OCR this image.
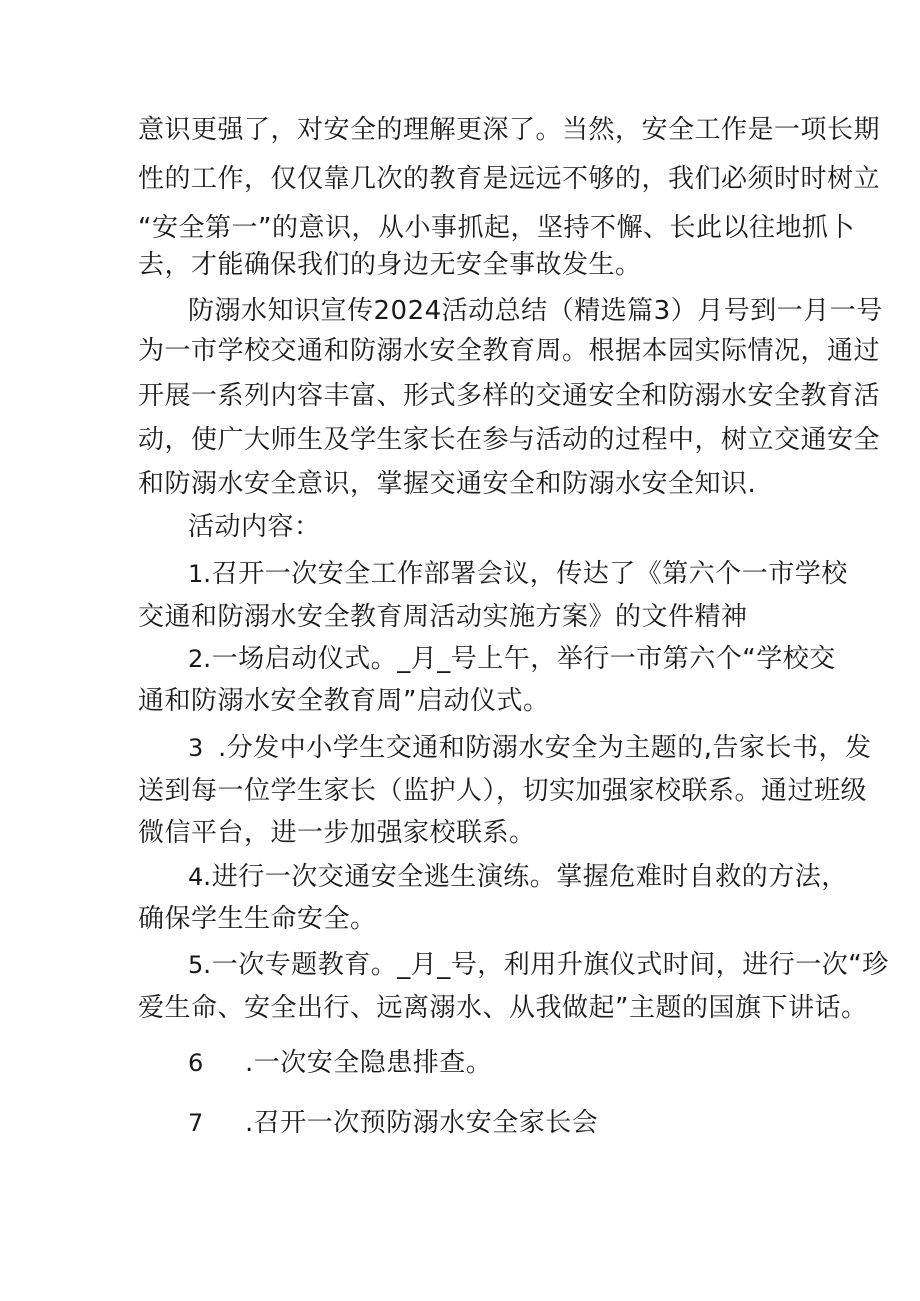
意识更强了，对安全的理解更深了。当然，安全工作是一项长期
性的工作，仅仅靠几次的教育是远远不够的，我们必须时时树立
“安全第一”的意识，从小事抓起，坚持不懈、长此以往地抓卜
去，才能确保我们的身边无安全事故发生。
防溺水知识宣传2024活动总结（精选篇3）月号到一月一号
为一市学校交通和防溺水安全教育周。根据本园实际情况，通过
开展一系列内容丰富、形式多样的交通安全和防溺水安全教育活
动，使广大师生及学生家长在参与活动的过程中，树立交通安全
和防溺水安全意识，掌握交通安全和防溺水安全知识.
活动内容：
1 .召开一次安全工作部署会议，传达了《第六个一市学校
交通和防溺水安全教育周活动实施方案》的文件精神
2 .一场启动仪式。_月_号上午，举行一市第六个“学校交
通和防溺水安全教育周”启动仪式。
3 .分发中小学生交通和防溺水安全为主题的,告家长书，发
送到每一位学生家长（监护人），切实加强家校联系。通过班级
微信平台，进一步加强家校联系。
4 .进行一次交通安全逃生演练。掌握危难时自救的方法，
确保学生生命安全。
5 .一次专题教育。_月_号，利用升旗仪式时间，进行一次“珍
爱生命、安全出行、远离溺水、从我做起”主题的国旗下讲话。
6 .一次安全隐患排查。
7 .召开一次预防溺水安全家长会
